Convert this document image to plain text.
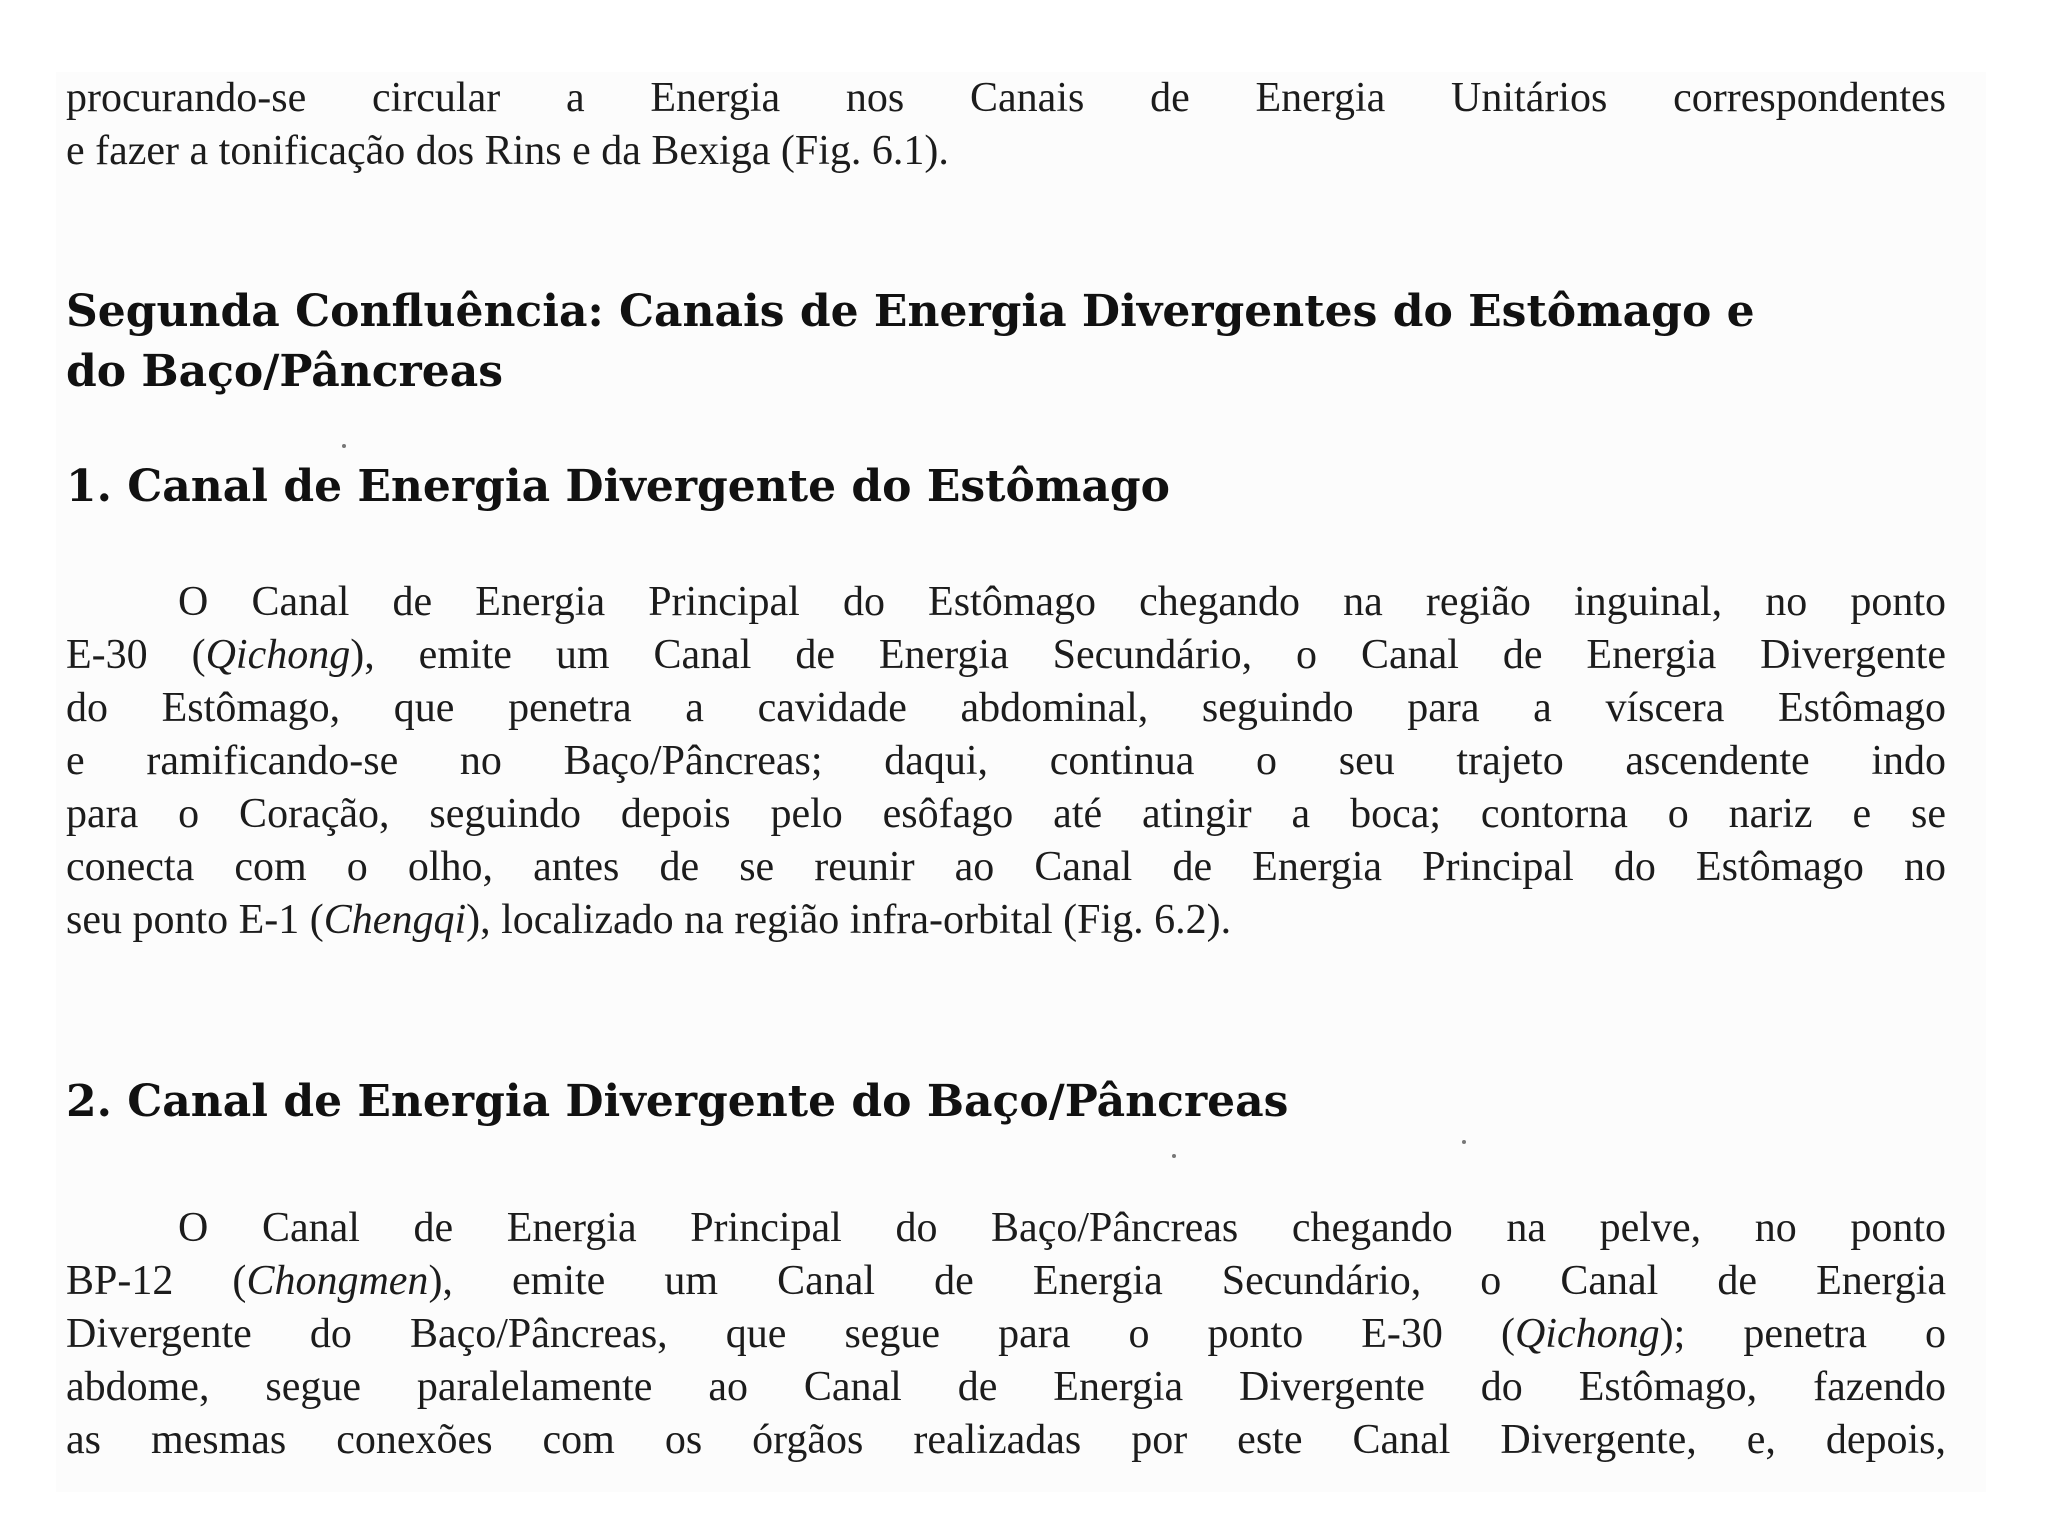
procurando-se circular a Energia nos Canais de Energia Unitários correspondentes
e fazer a tonificação dos Rins e da Bexiga (Fig. 6.1).
Segunda Confluência: Canais de Energia Divergentes do Estômago e
do Baço/Pâncreas
1. Canal de Energia Divergente do Estômago
O Canal de Energia Principal do Estômago chegando na região inguinal, no ponto
E-30 (Qichong), emite um Canal de Energia Secundário, o Canal de Energia Divergente
do Estômago, que penetra a cavidade abdominal, seguindo para a víscera Estômago
e ramificando-se no Baço/Pâncreas; daqui, continua o seu trajeto ascendente indo
para o Coração, seguindo depois pelo esôfago até atingir a boca; contorna o nariz e se
conecta com o olho, antes de se reunir ao Canal de Energia Principal do Estômago no
seu ponto E-1 (Chengqi), localizado na região infra-orbital (Fig. 6.2).
2. Canal de Energia Divergente do Baço/Pâncreas
O Canal de Energia Principal do Baço/Pâncreas chegando na pelve, no ponto
BP-12 (Chongmen), emite um Canal de Energia Secundário, o Canal de Energia
Divergente do Baço/Pâncreas, que segue para o ponto E-30 (Qichong); penetra o
abdome, segue paralelamente ao Canal de Energia Divergente do Estômago, fazendo
as mesmas conexões com os órgãos realizadas por este Canal Divergente, e, depois,
